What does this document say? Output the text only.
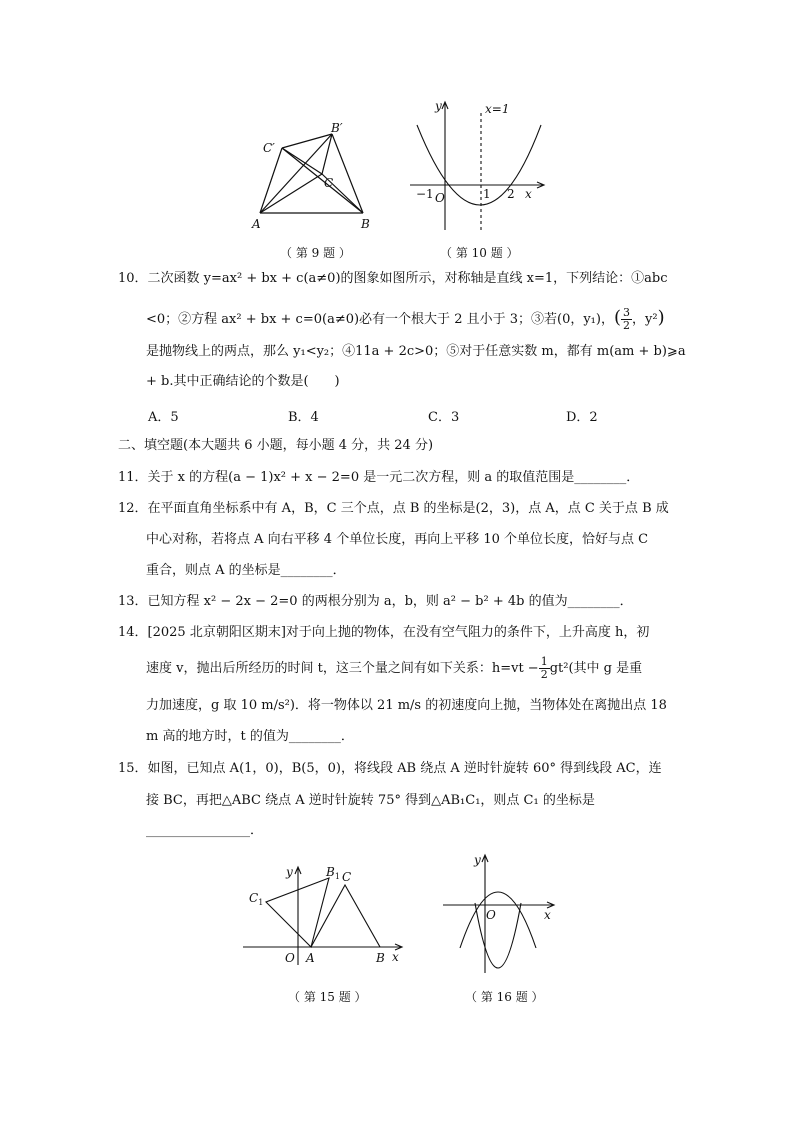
A	B
C
B′
C′
（ 第 9 题 ）
y
x
O
−1	1 2
x=1
（ 第 10 题 ）
10．二次函数 y=ax² + bx + c(a≠0)的图象如图所示，对称轴是直线 x=1，下列结论：①abc
<0；②方程 ax² + bx + c=0(a≠0)必有一个根大于 2 且小于 3；③若(0，y₁)，( $\frac{3}{2}$ ，y²)
是抛物线上的两点，那么 y₁<y₂；④11a + 2c>0；⑤对于任意实数 m，都有 m(am + b)⩾a
+ b.其中正确结论的个数是(　　)
A．5	B．4	C．3	D．2
二、填空题(本大题共 6 小题，每小题 4 分，共 24 分)
11．关于 x 的方程(a − 1)x² + x − 2=0 是一元二次方程，则 a 的取值范围是________．
12．在平面直角坐标系中有 A，B，C 三个点，点 B 的坐标是(2，3)，点 A，点 C 关于点 B 成
中心对称，若将点 A 向右平移 4 个单位长度，再向上平移 10 个单位长度，恰好与点 C
重合，则点 A 的坐标是________．
13．已知方程 x² − 2x − 2=0 的两根分别为 a，b，则 a² − b² + 4b 的值为________．
14．[2025 北京朝阳区期末]对于向上抛的物体，在没有空气阻力的条件下，上升高度 h，初
速度 v，抛出后所经历的时间 t，这三个量之间有如下关系：$h=vt - \frac{1}{2} gt^2$(其中 g 是重
力加速度，g 取 10 m/s²)．将一物体以 21 m/s 的初速度向上抛，当物体处在离抛出点 18
m 高的地方时，t 的值为________．
15．如图，已知点 A(1，0)，B(5，0)，将线段 AB 绕点 A 逆时针旋转 60° 得到线段 AC，连
接 BC，再把△ABC 绕点 A 逆时针旋转 75° 得到△AB₁C₁，则点 C₁ 的坐标是
________________．
y
x
O A	B
C
$B_1$
$C_1$
（ 第 15 题 ）
y
x
O
（ 第 16 题 ）
